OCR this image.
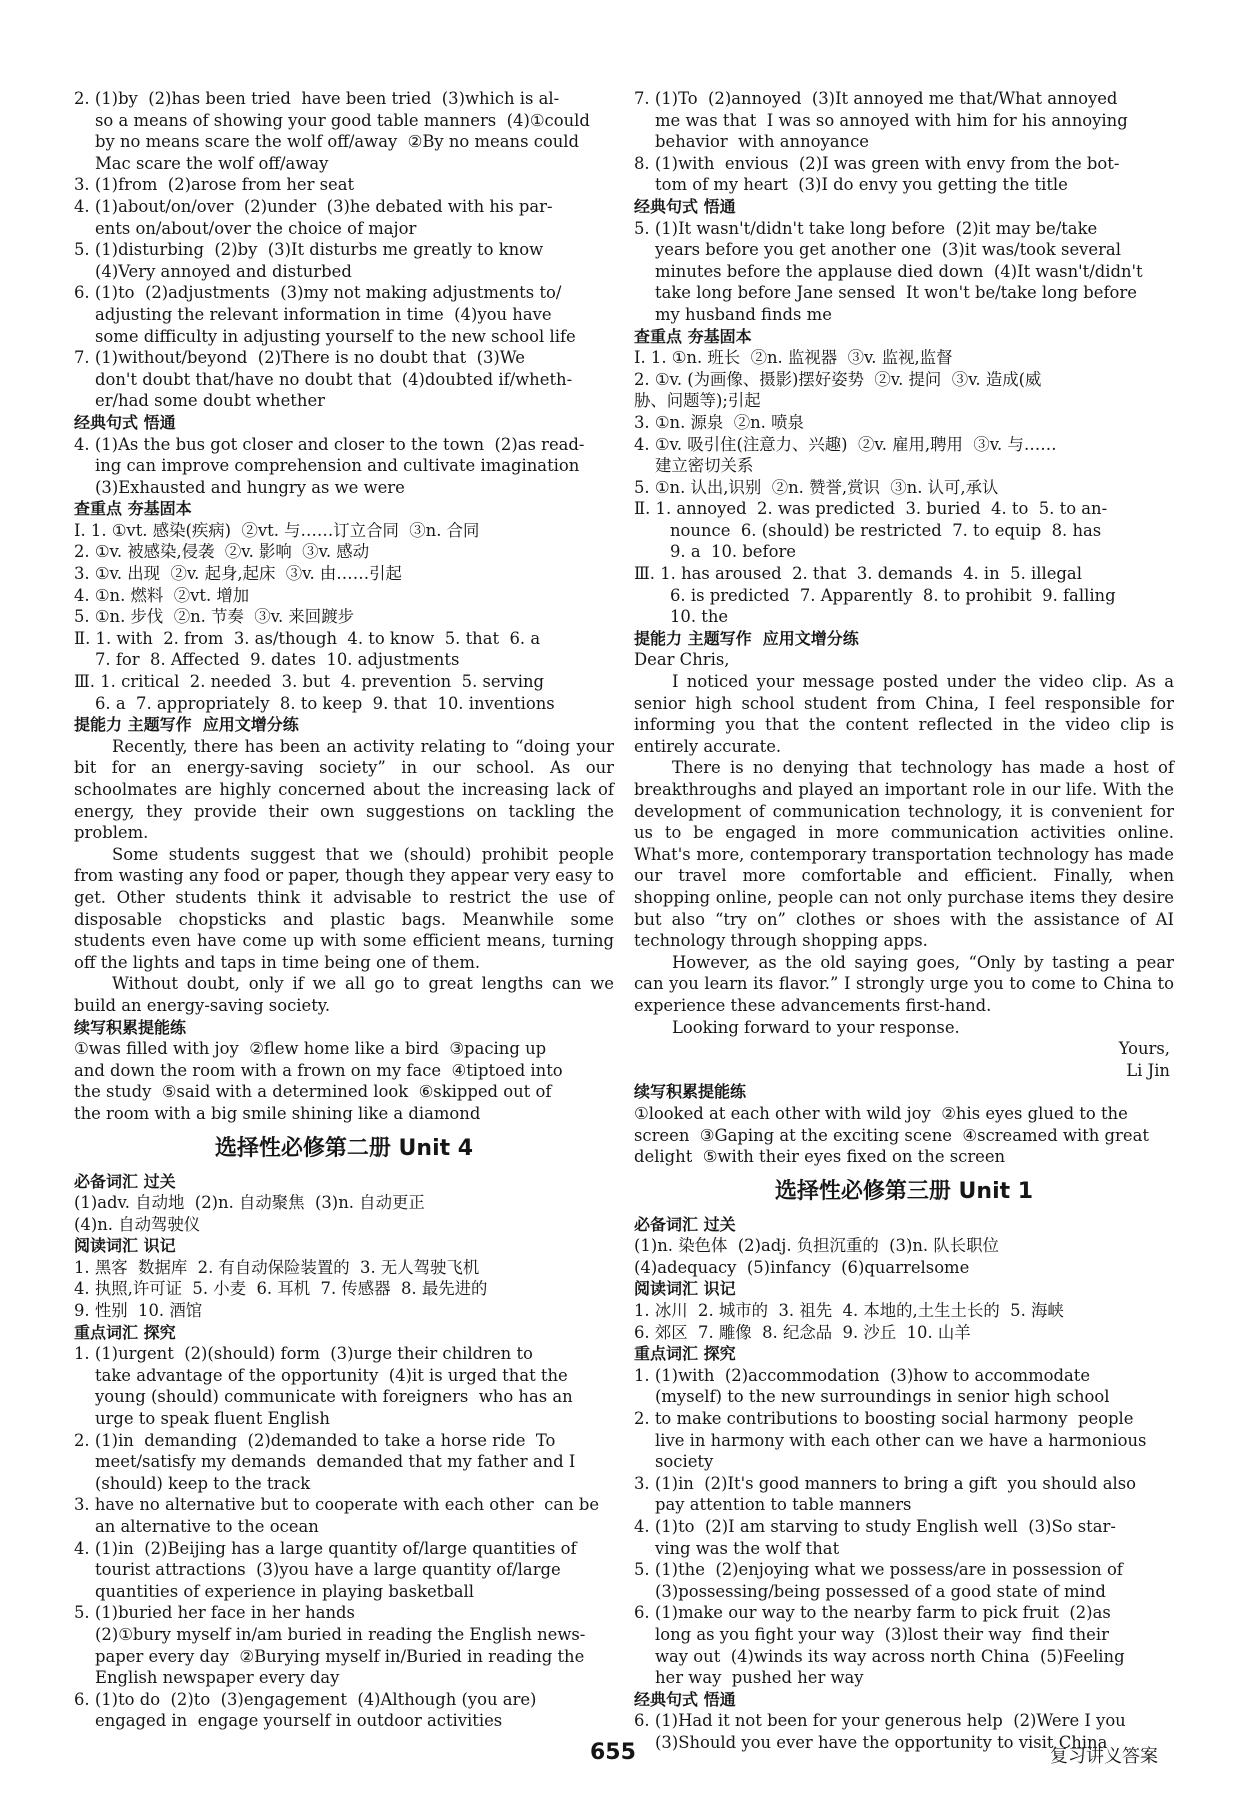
2. (1)by  (2)has been tried  have been tried  (3)which is al-
so a means of showing your good table manners  (4)①could
by no means scare the wolf off/away  ②By no means could
Mac scare the wolf off/away
3. (1)from  (2)arose from her seat
4. (1)about/on/over  (2)under  (3)he debated with his par-
ents on/about/over the choice of major
5. (1)disturbing  (2)by  (3)It disturbs me greatly to know
(4)Very annoyed and disturbed
6. (1)to  (2)adjustments  (3)my not making adjustments to/
adjusting the relevant information in time  (4)you have
some difficulty in adjusting yourself to the new school life
7. (1)without/beyond  (2)There is no doubt that  (3)We
don't doubt that/have no doubt that  (4)doubted if/wheth-
er/had some doubt whether
经典句式 悟通
4. (1)As the bus got closer and closer to the town  (2)as read-
ing can improve comprehension and cultivate imagination
(3)Exhausted and hungry as we were
查重点 夯基固本
Ⅰ. 1. ①vt. 感染(疾病)  ②vt. 与……订立合同  ③n. 合同
2. ①v. 被感染,侵袭  ②v. 影响  ③v. 感动
3. ①v. 出现  ②v. 起身,起床  ③v. 由……引起
4. ①n. 燃料  ②vt. 增加
5. ①n. 步伐  ②n. 节奏  ③v. 来回踱步
Ⅱ. 1. with  2. from  3. as/though  4. to know  5. that  6. a
7. for  8. Affected  9. dates  10. adjustments
Ⅲ. 1. critical  2. needed  3. but  4. prevention  5. serving
6. a  7. appropriately  8. to keep  9. that  10. inventions
提能力 主题写作  应用文增分练
Recently, there has been an activity relating to “doing your bit for an energy-saving society” in our school. As our schoolmates are highly concerned about the increasing lack of energy, they provide their own suggestions on tackling the problem.
Some students suggest that we (should) prohibit people from wasting any food or paper, though they appear very easy to get. Other students think it advisable to restrict the use of disposable chopsticks and plastic bags. Meanwhile some students even have come up with some efficient means, turning off the lights and taps in time being one of them.
Without doubt, only if we all go to great lengths can we build an energy-saving society.
续写积累提能练
①was filled with joy  ②flew home like a bird  ③pacing up
and down the room with a frown on my face  ④tiptoed into
the study  ⑤said with a determined look  ⑥skipped out of
the room with a big smile shining like a diamond
选择性必修第二册 Unit 4
必备词汇 过关
(1)adv. 自动地  (2)n. 自动聚焦  (3)n. 自动更正
(4)n. 自动驾驶仪
阅读词汇 识记
1. 黑客  数据库  2. 有自动保险装置的  3. 无人驾驶飞机
4. 执照,许可证  5. 小麦  6. 耳机  7. 传感器  8. 最先进的
9. 性别  10. 酒馆
重点词汇 探究
1. (1)urgent  (2)(should) form  (3)urge their children to
take advantage of the opportunity  (4)it is urged that the
young (should) communicate with foreigners  who has an
urge to speak fluent English
2. (1)in  demanding  (2)demanded to take a horse ride  To
meet/satisfy my demands  demanded that my father and I
(should) keep to the track
3. have no alternative but to cooperate with each other  can be
an alternative to the ocean
4. (1)in  (2)Beijing has a large quantity of/large quantities of
tourist attractions  (3)you have a large quantity of/large
quantities of experience in playing basketball
5. (1)buried her face in her hands
(2)①bury myself in/am buried in reading the English news-
paper every day  ②Burying myself in/Buried in reading the
English newspaper every day
6. (1)to do  (2)to  (3)engagement  (4)Although (you are)
engaged in  engage yourself in outdoor activities
7. (1)To  (2)annoyed  (3)It annoyed me that/What annoyed
me was that  I was so annoyed with him for his annoying
behavior  with annoyance
8. (1)with  envious  (2)I was green with envy from the bot-
tom of my heart  (3)I do envy you getting the title
经典句式 悟通
5. (1)It wasn't/didn't take long before  (2)it may be/take
years before you get another one  (3)it was/took several
minutes before the applause died down  (4)It wasn't/didn't
take long before Jane sensed  It won't be/take long before
my husband finds me
查重点 夯基固本
Ⅰ. 1. ①n. 班长  ②n. 监视器  ③v. 监视,监督
2. ①v. (为画像、摄影)摆好姿势  ②v. 提问  ③v. 造成(威
胁、问题等);引起
3. ①n. 源泉  ②n. 喷泉
4. ①v. 吸引住(注意力、兴趣)  ②v. 雇用,聘用  ③v. 与……
建立密切关系
5. ①n. 认出,识别  ②n. 赞誉,赏识  ③n. 认可,承认
Ⅱ. 1. annoyed  2. was predicted  3. buried  4. to  5. to an-
nounce  6. (should) be restricted  7. to equip  8. has
9. a  10. before
Ⅲ. 1. has aroused  2. that  3. demands  4. in  5. illegal
6. is predicted  7. Apparently  8. to prohibit  9. falling
10. the
提能力 主题写作  应用文增分练
Dear Chris,
I noticed your message posted under the video clip. As a senior high school student from China, I feel responsible for informing you that the content reflected in the video clip is entirely accurate.
There is no denying that technology has made a host of breakthroughs and played an important role in our life. With the development of communication technology, it is convenient for us to be engaged in more communication activities online. What's more, contemporary transportation technology has made our travel more comfortable and efficient. Finally, when shopping online, people can not only purchase items they desire but also “try on” clothes or shoes with the assistance of AI technology through shopping apps.
However, as the old saying goes, “Only by tasting a pear can you learn its flavor.” I strongly urge you to come to China to experience these advancements first-hand.
Looking forward to your response.
Yours,
Li Jin
续写积累提能练
①looked at each other with wild joy  ②his eyes glued to the
screen  ③Gaping at the exciting scene  ④screamed with great
delight  ⑤with their eyes fixed on the screen
选择性必修第三册 Unit 1
必备词汇 过关
(1)n. 染色体  (2)adj. 负担沉重的  (3)n. 队长职位
(4)adequacy  (5)infancy  (6)quarrelsome
阅读词汇 识记
1. 冰川  2. 城市的  3. 祖先  4. 本地的,土生土长的  5. 海峡
6. 郊区  7. 雕像  8. 纪念品  9. 沙丘  10. 山羊
重点词汇 探究
1. (1)with  (2)accommodation  (3)how to accommodate
(myself) to the new surroundings in senior high school
2. to make contributions to boosting social harmony  people
live in harmony with each other can we have a harmonious
society
3. (1)in  (2)It's good manners to bring a gift  you should also
pay attention to table manners
4. (1)to  (2)I am starving to study English well  (3)So star-
ving was the wolf that
5. (1)the  (2)enjoying what we possess/are in possession of
(3)possessing/being possessed of a good state of mind
6. (1)make our way to the nearby farm to pick fruit  (2)as
long as you fight your way  (3)lost their way  find their
way out  (4)winds its way across north China  (5)Feeling
her way  pushed her way
经典句式 悟通
6. (1)Had it not been for your generous help  (2)Were I you
(3)Should you ever have the opportunity to visit China
655	复习讲义答案
